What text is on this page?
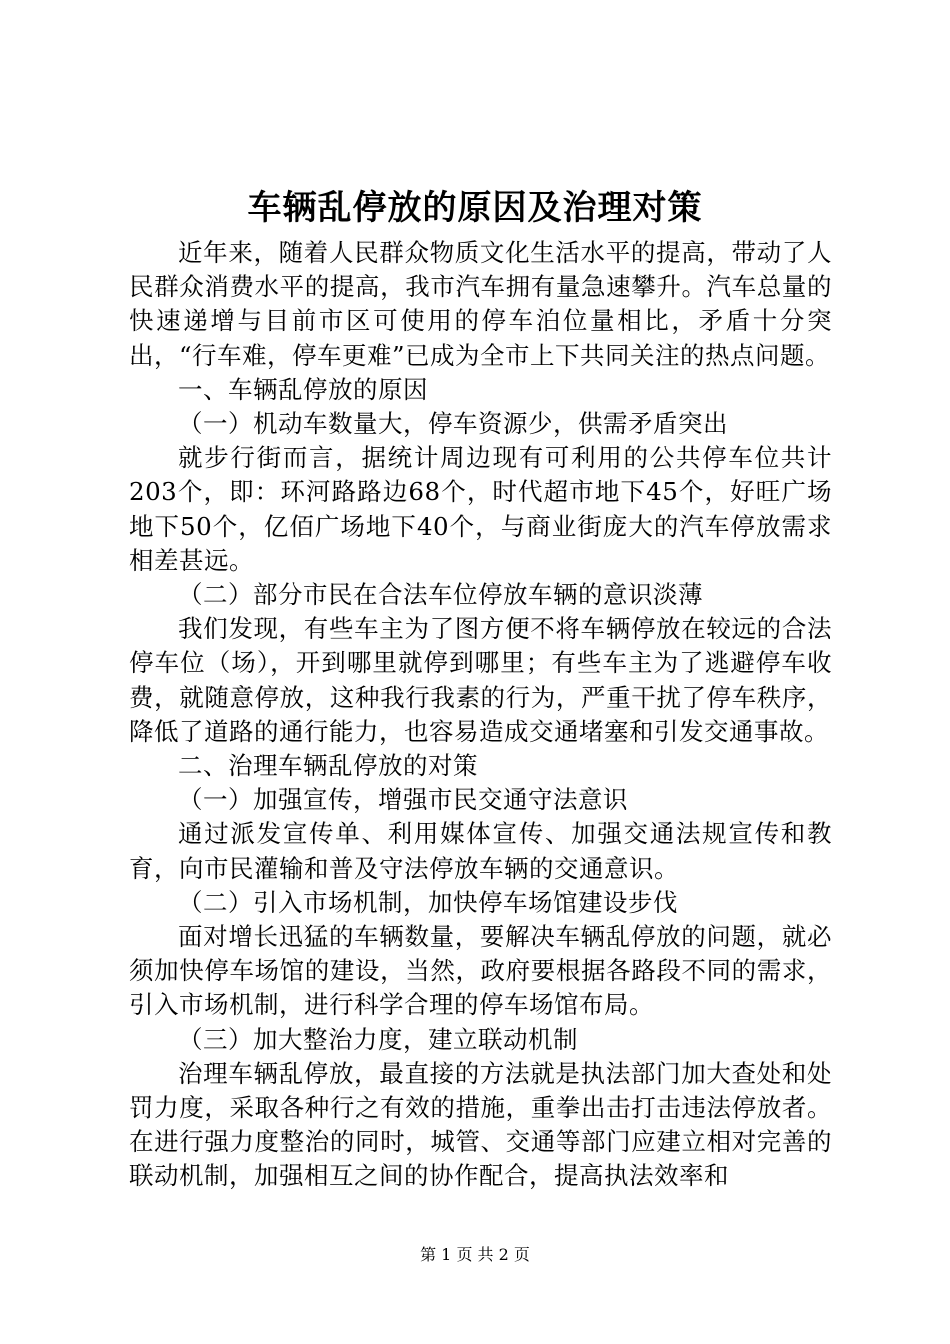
车辆乱停放的原因及治理对策

近年来，随着人民群众物质文化生活水平的提高，带动了人民群众消费水平的提高，我市汽车拥有量急速攀升。汽车总量的快速递增与目前市区可使用的停车泊位量相比，矛盾十分突出，“行车难，停车更难”已成为全市上下共同关注的热点问题。

一、车辆乱停放的原因

（一）机动车数量大，停车资源少，供需矛盾突出

就步行街而言，据统计周边现有可利用的公共停车位共计203个，即：环河路路边68个，时代超市地下45个，好旺广场地下50个，亿佰广场地下40个，与商业街庞大的汽车停放需求相差甚远。

（二）部分市民在合法车位停放车辆的意识淡薄

我们发现，有些车主为了图方便不将车辆停放在较远的合法停车位（场），开到哪里就停到哪里；有些车主为了逃避停车收费，就随意停放，这种我行我素的行为，严重干扰了停车秩序，降低了道路的通行能力，也容易造成交通堵塞和引发交通事故。

二、治理车辆乱停放的对策

（一）加强宣传，增强市民交通守法意识

通过派发宣传单、利用媒体宣传、加强交通法规宣传和教育，向市民灌输和普及守法停放车辆的交通意识。

（二）引入市场机制，加快停车场馆建设步伐

面对增长迅猛的车辆数量，要解决车辆乱停放的问题，就必须加快停车场馆的建设，当然，政府要根据各路段不同的需求，引入市场机制，进行科学合理的停车场馆布局。

（三）加大整治力度，建立联动机制

治理车辆乱停放，最直接的方法就是执法部门加大查处和处罚力度，采取各种行之有效的措施，重拳出击打击违法停放者。在进行强力度整治的同时，城管、交通等部门应建立相对完善的联动机制，加强相互之间的协作配合，提高执法效率和

第 1 页 共 2 页
